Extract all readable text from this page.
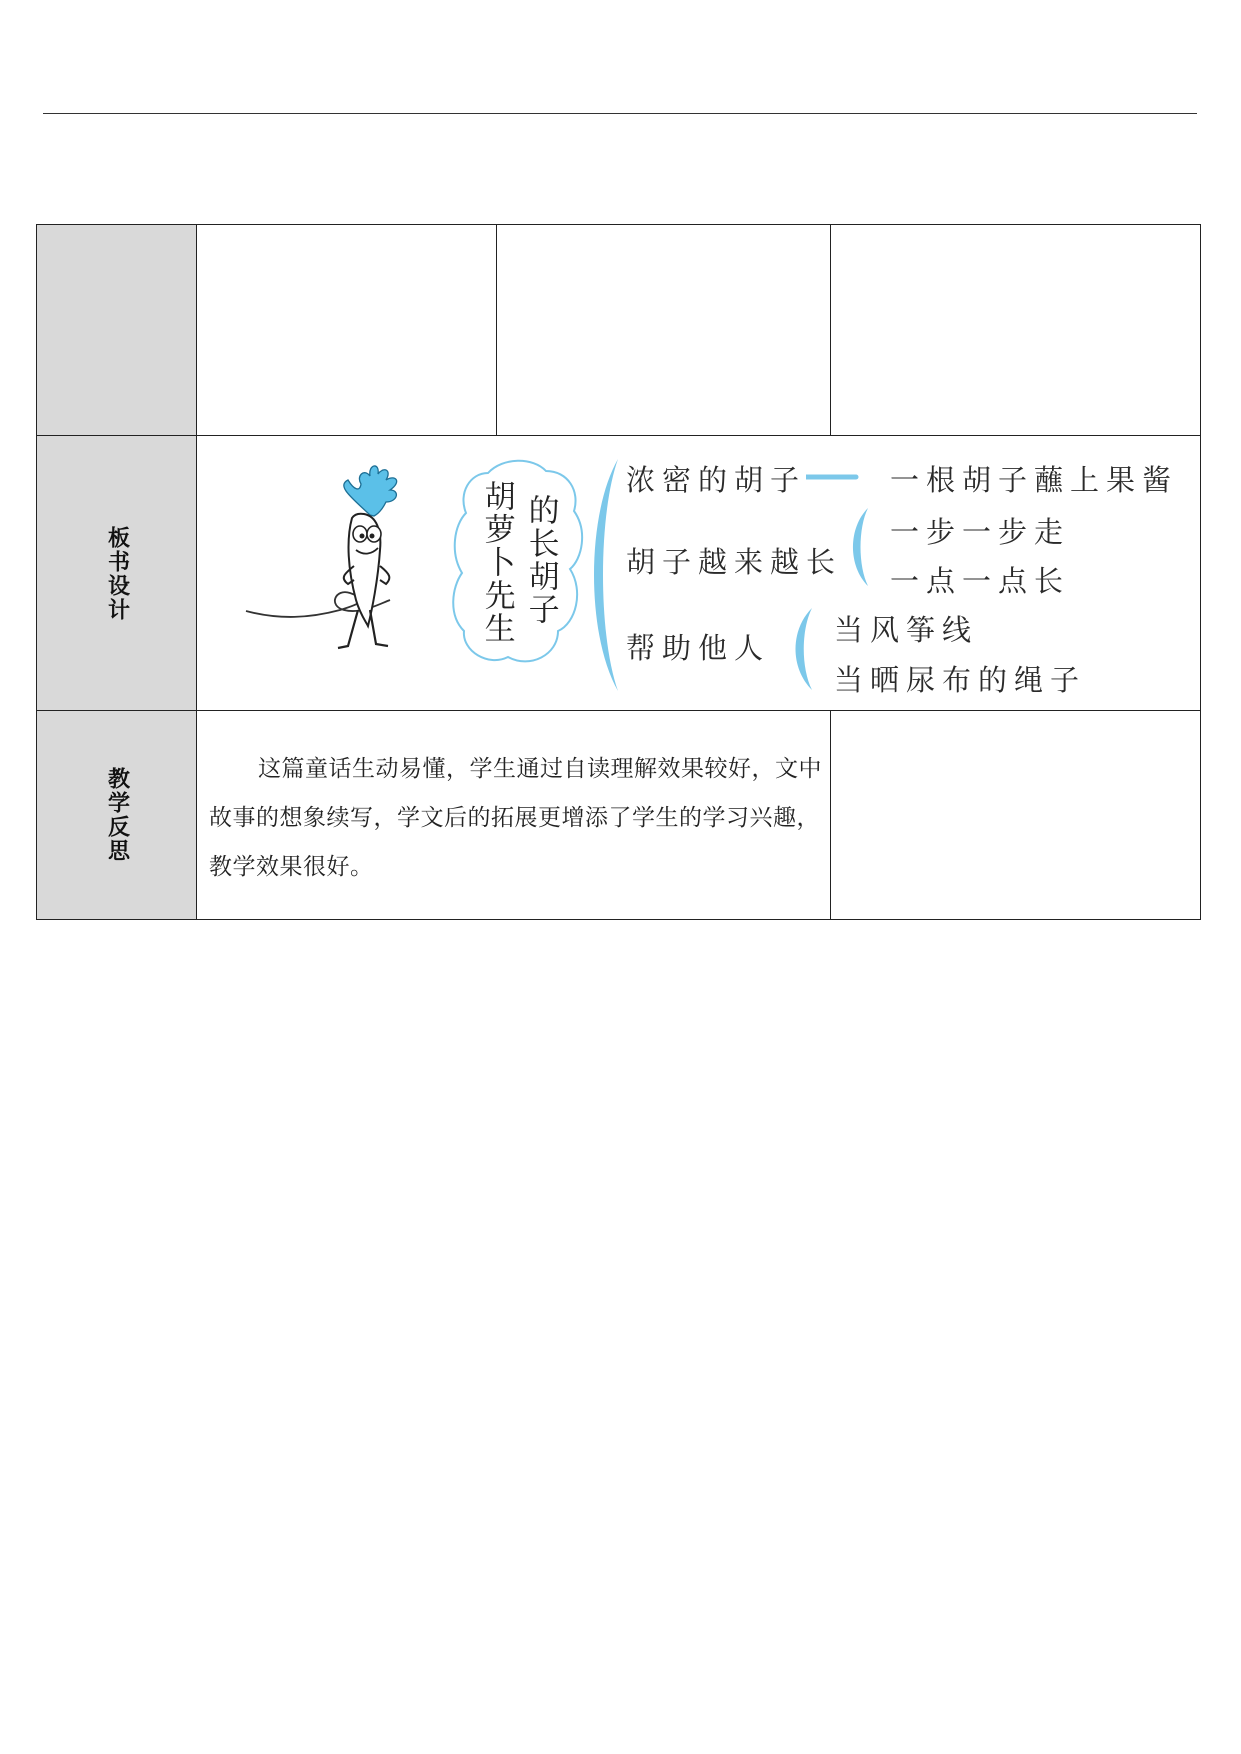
板书设计
教学反思
胡萝卜先生 的长胡子
浓密的胡子	一根胡子蘸上果酱
胡子越来越长
一步一步走
一点一点长
帮助他人
当风筝线
当晒尿布的绳子
这篇童话生动易懂，学生通过自读理解效果较好，文中故事的想象续写，学文后的拓展更增添了学生的学习兴趣，教学效果很好。
